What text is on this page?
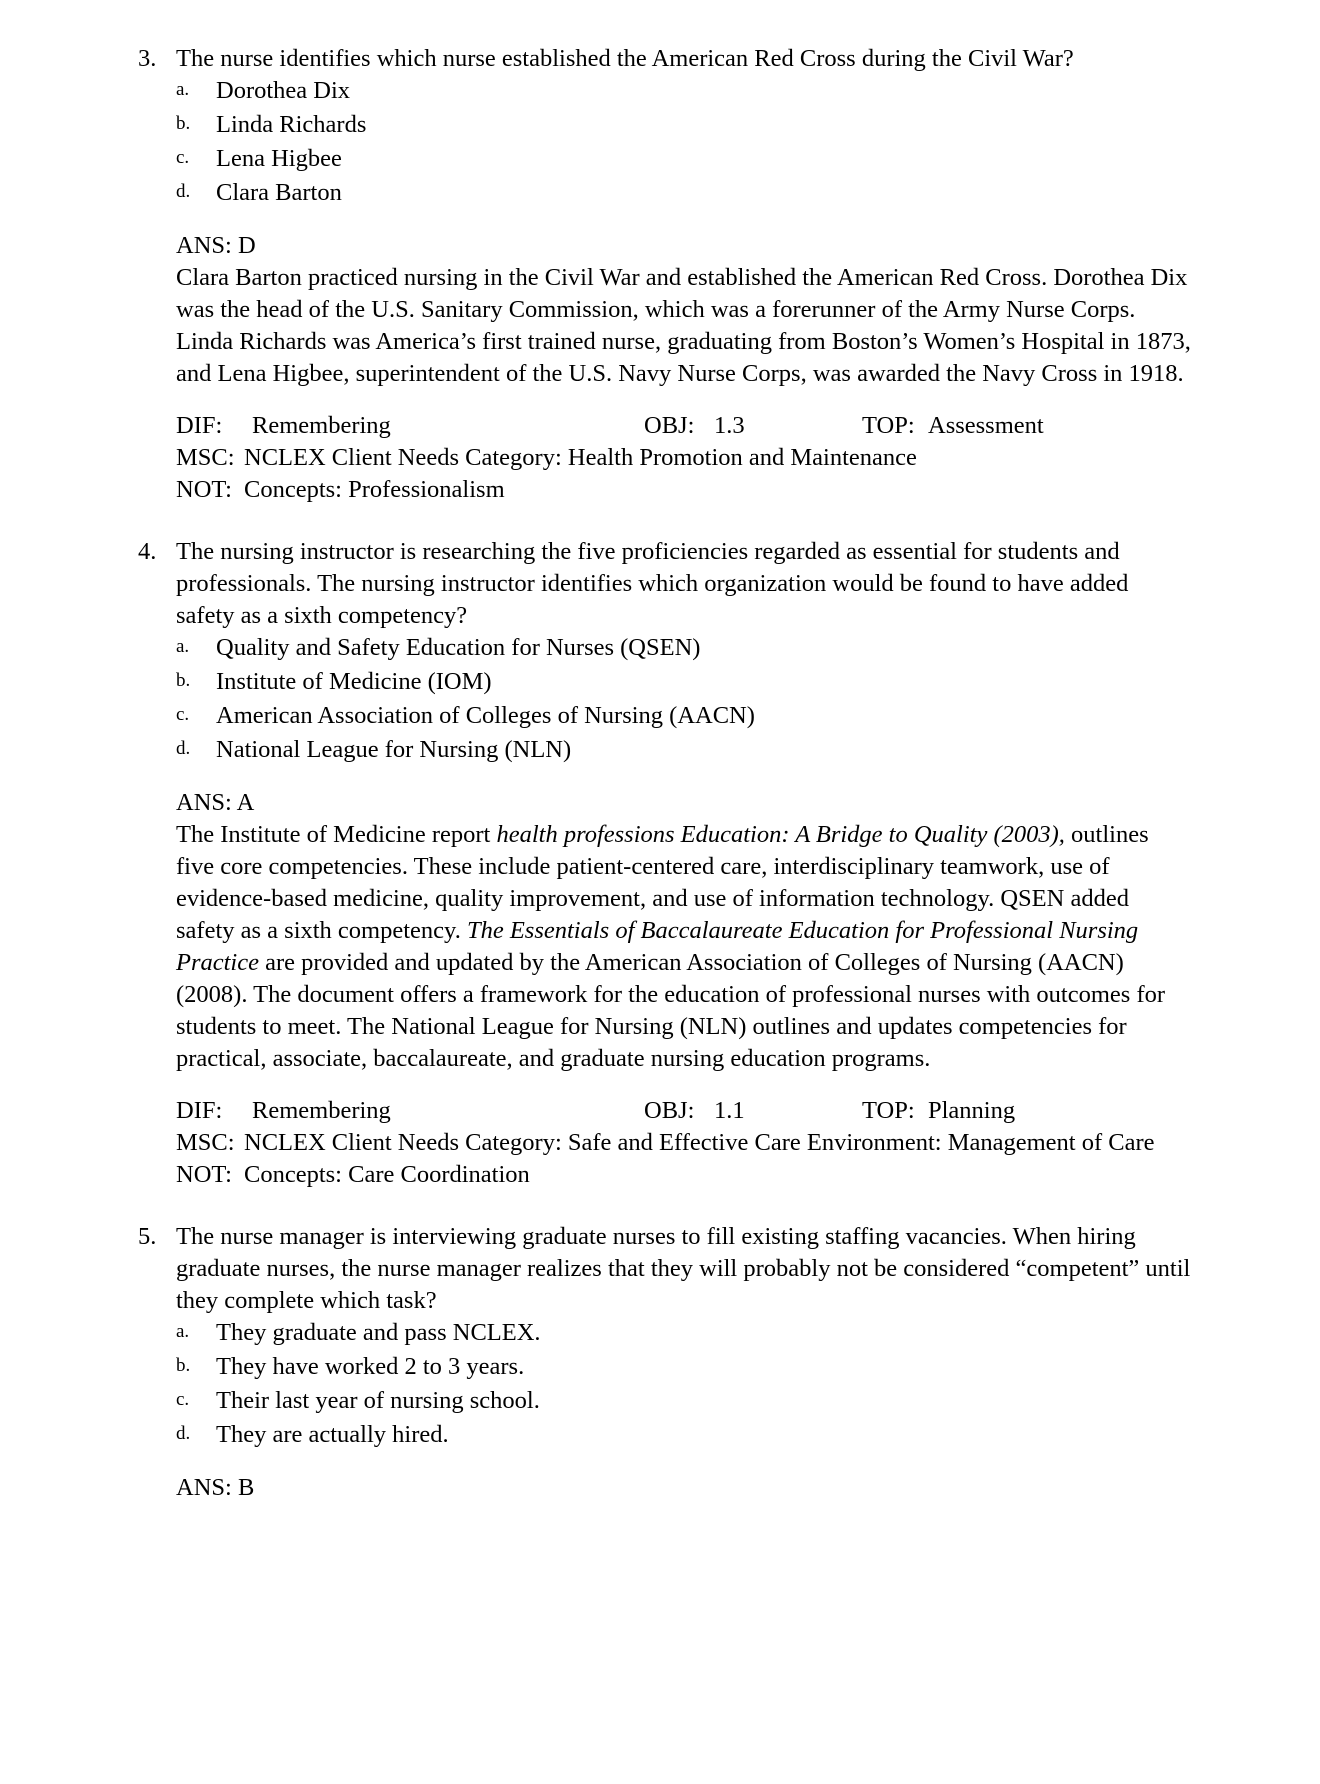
3. The nurse identifies which nurse established the American Red Cross during the Civil War?
a. Dorothea Dix
b. Linda Richards
c. Lena Higbee
d. Clara Barton
ANS: D
Clara Barton practiced nursing in the Civil War and established the American Red Cross. Dorothea Dix was the head of the U.S. Sanitary Commission, which was a forerunner of the Army Nurse Corps. Linda Richards was America’s first trained nurse, graduating from Boston’s Women’s Hospital in 1873, and Lena Higbee, superintendent of the U.S. Navy Nurse Corps, was awarded the Navy Cross in 1918.
DIF: Remembering	OBJ: 1.3	TOP: Assessment
MSC: NCLEX Client Needs Category: Health Promotion and Maintenance
NOT: Concepts: Professionalism
4. The nursing instructor is researching the five proficiencies regarded as essential for students and professionals. The nursing instructor identifies which organization would be found to have added safety as a sixth competency?
a. Quality and Safety Education for Nurses (QSEN)
b. Institute of Medicine (IOM)
c. American Association of Colleges of Nursing (AACN)
d. National League for Nursing (NLN)
ANS: A
The Institute of Medicine report health professions Education: A Bridge to Quality (2003), outlines five core competencies. These include patient-centered care, interdisciplinary teamwork, use of evidence-based medicine, quality improvement, and use of information technology. QSEN added safety as a sixth competency. The Essentials of Baccalaureate Education for Professional Nursing Practice are provided and updated by the American Association of Colleges of Nursing (AACN) (2008). The document offers a framework for the education of professional nurses with outcomes for students to meet. The National League for Nursing (NLN) outlines and updates competencies for practical, associate, baccalaureate, and graduate nursing education programs.
DIF: Remembering	OBJ: 1.1	TOP: Planning
MSC: NCLEX Client Needs Category: Safe and Effective Care Environment: Management of Care
NOT: Concepts: Care Coordination
5. The nurse manager is interviewing graduate nurses to fill existing staffing vacancies. When hiring graduate nurses, the nurse manager realizes that they will probably not be considered “competent” until they complete which task?
a. They graduate and pass NCLEX.
b. They have worked 2 to 3 years.
c. Their last year of nursing school.
d. They are actually hired.
ANS: B
